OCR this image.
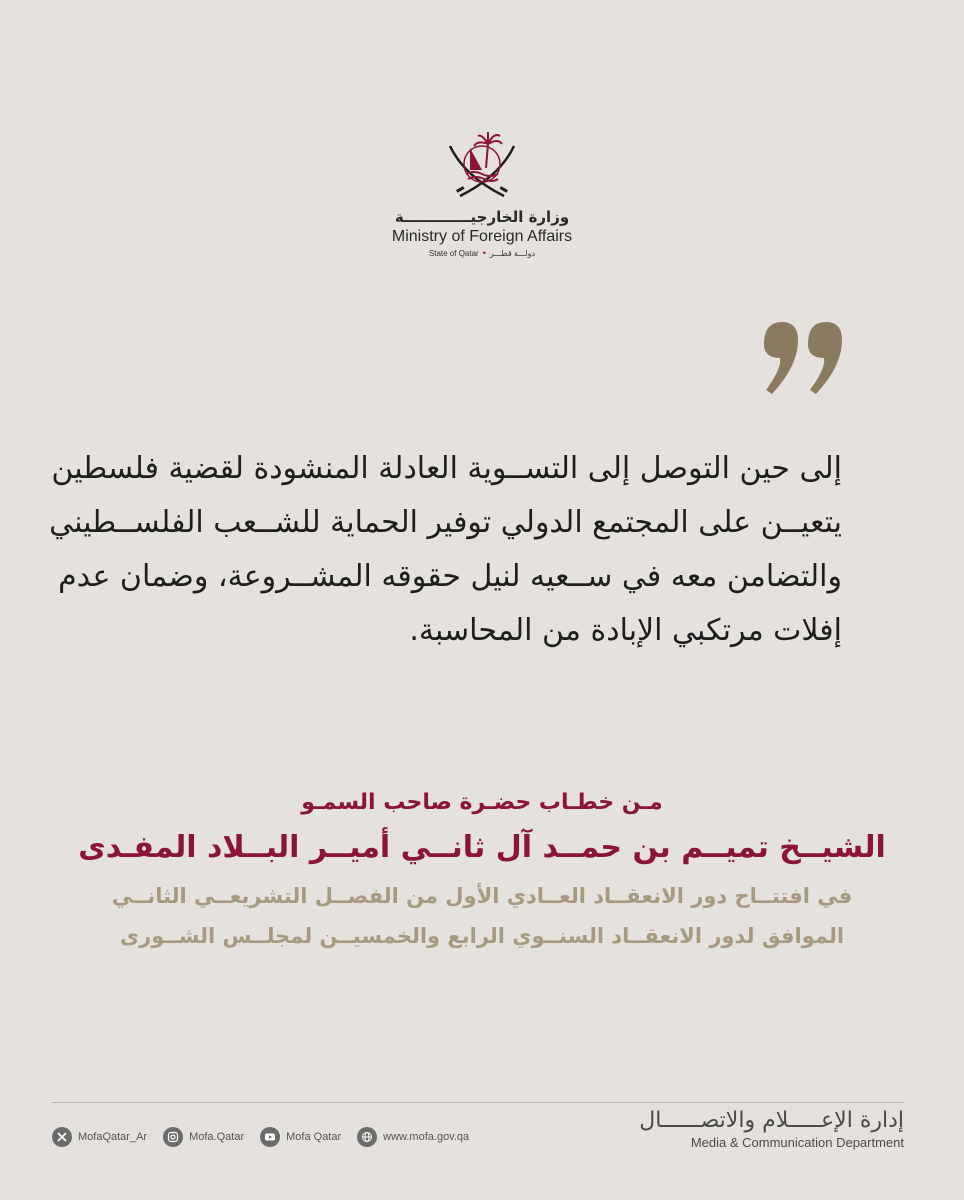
وزارة الخارجيـــــــــــــة
Ministry of Foreign Affairs
State of Qatar • دولـــة قطـــر
إلى حين التوصل إلى التســوية العادلة المنشودة لقضية فلسطين
يتعيــن على المجتمع الدولي توفير الحماية للشــعب الفلســطيني
والتضامن معه في ســعيه لنيل حقوقه المشــروعة، وضمان عدم
إفلات مرتكبي الإبادة من المحاسبة.
مـن خطـاب حضـرة صاحب السمـو
الشيــخ تميــم بن حمــد آل ثانــي أميــر البــلاد المفـدى
في افتتــاح دور الانعقــاد العــادي الأول من الفصــل التشريعــي الثانــي
الموافق لدور الانعقــاد السنــوي الرابع والخمسيــن لمجلــس الشــورى
MofaQatar_Ar	Mofa.Qatar	Mofa Qatar	www.mofa.gov.qa
إدارة الإعـــــلام والاتصــــــال
Media & Communication Department
